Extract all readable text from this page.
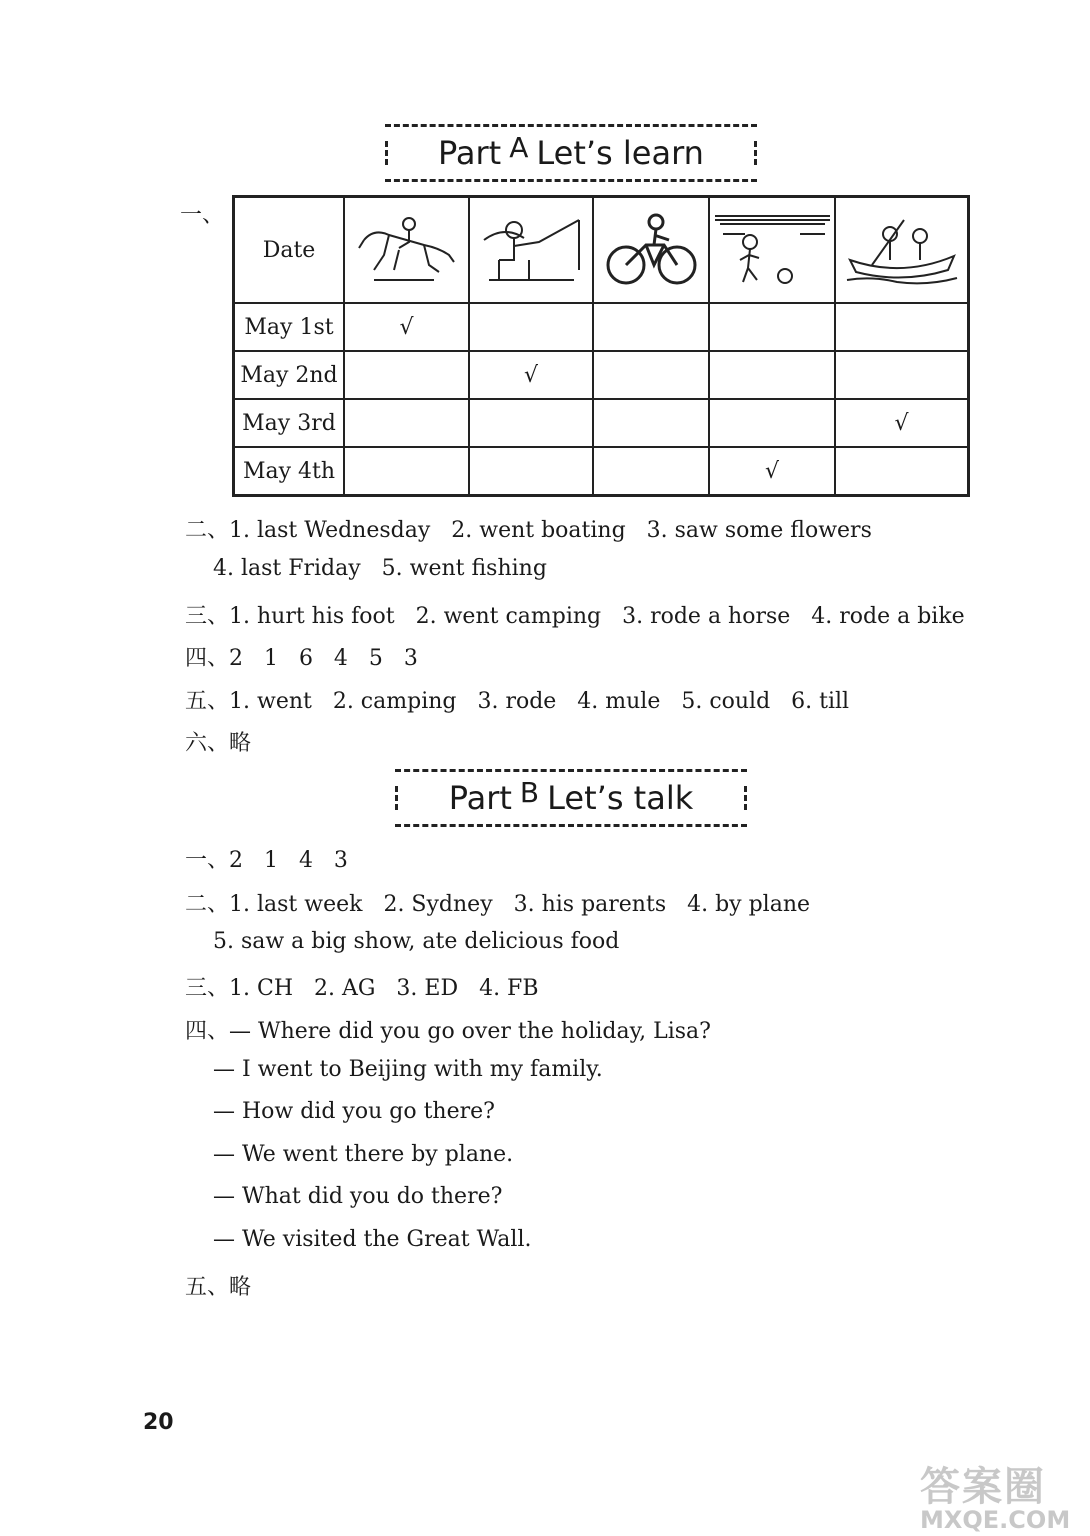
Part A Let’s learn
一、
Date	

May 1st	√				
May 2nd		√			
May 3rd					√
May 4th				√	
二、1. last Wednesday   2. went boating   3. saw some flowers
4. last Friday   5. went fishing
三、1. hurt his foot   2. went camping   3. rode a horse   4. rode a bike
四、2   1   6   4   5   3
五、1. went   2. camping   3. rode   4. mule   5. could   6. till
六、略
Part B Let’s talk
一、2   1   4   3
二、1. last week   2. Sydney   3. his parents   4. by plane
5. saw a big show, ate delicious food
三、1. CH   2. AG   3. ED   4. FB
四、— Where did you go over the holiday, Lisa?
— I went to Beijing with my family.
— How did you go there?
— We went there by plane.
— What did you do there?
— We visited the Great Wall.
五、略
20
答案圈
MXQE.COM
